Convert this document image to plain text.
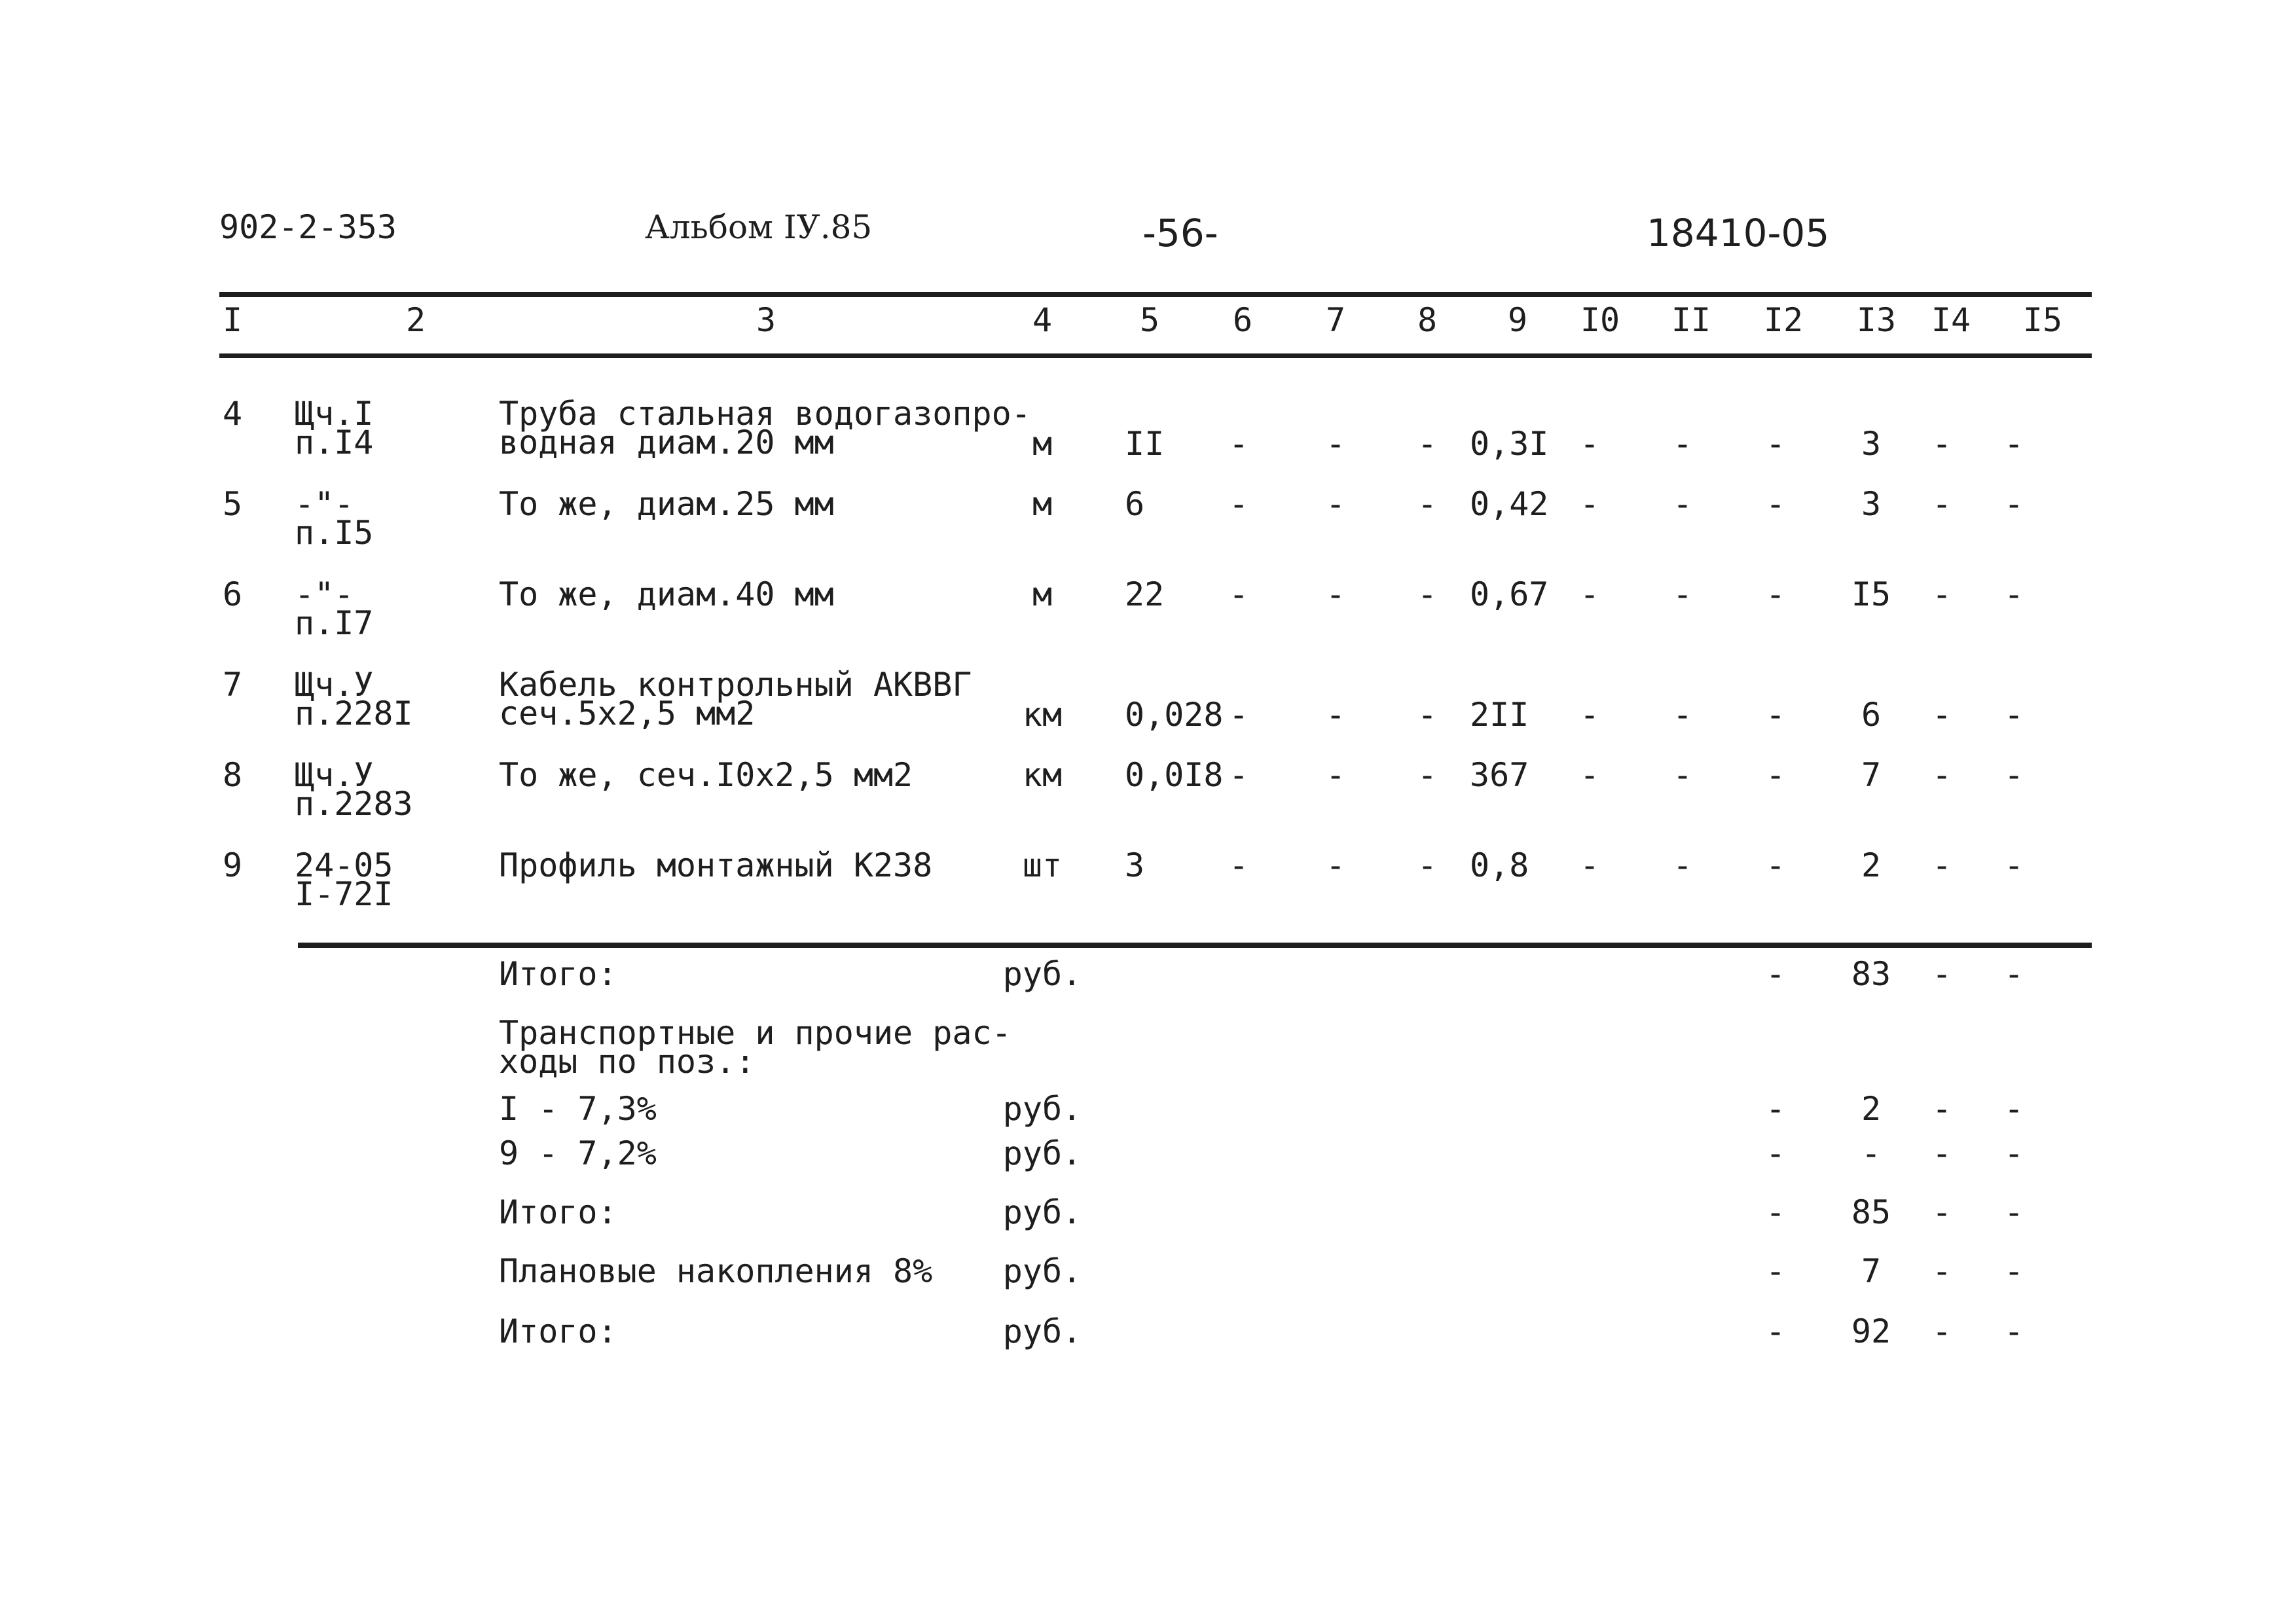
902-2-353	Альбом IУ.85	-56-	18410-05
I	2	3	4	5 6 7 8 9 I0 II I2 I3 I4 I5
4 Щч.I
п.I4
Труба стальная водогазопро-
водная диам.20 мм	м II - - - 0,3I - - - 3 - -
5 -"-
п.I5
То же, диам.25 мм	м 6	- - - 0,42 - - - 3 - -
6 -"-
п.I7
То же, диам.40 мм	м 22 - - - 0,67 - - - I5 - -
7 Щч.У
п.228I
Кабель контрольный АКВВГ
сеч.5х2,5 мм2	км 0,028 - - - 2II - - - 6 - -
8 Щч.У
п.2283
То же, сеч.I0х2,5 мм2	км 0,0I8 - - - 367 - - - 7 - -
9 24-05
I-72I
Профиль монтажный К238	шт 3	- - - 0,8 - - - 2 - -
Итого:	руб.	- 83 - -
Транспортные и прочие рас-
ходы по поз.:
I - 7,3%	руб.	- 2 - -
9 - 7,2%	руб.	- - - -
Итого:	руб.	- 85 - -
Плановые накопления 8% руб.	- 7 - -
Итого:	руб.	- 92 - -
